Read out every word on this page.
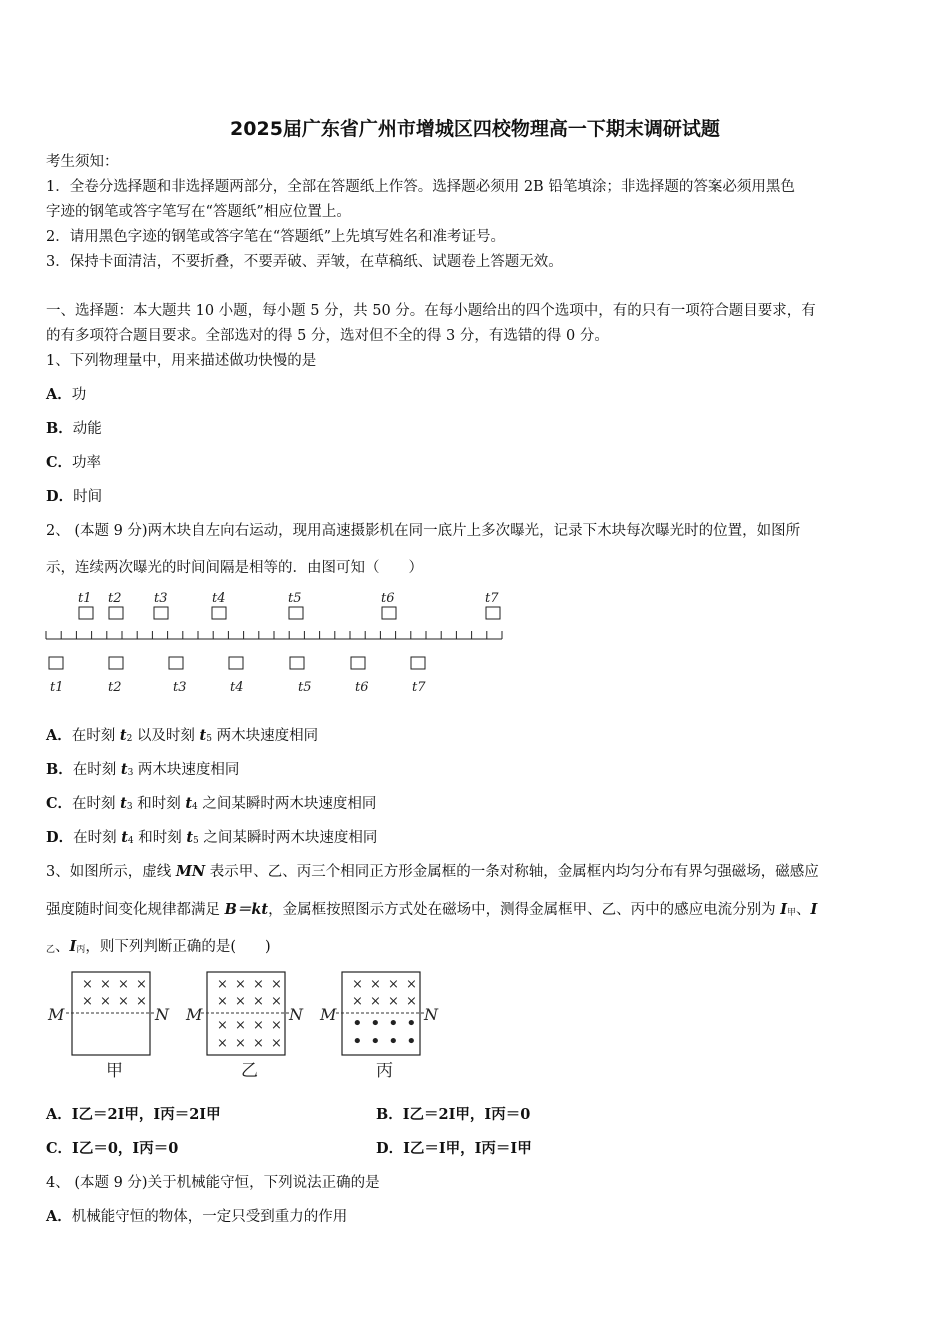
2025届广东省广州市增城区四校物理高一下期末调研试题
考生须知：
1．全卷分选择题和非选择题两部分，全部在答题纸上作答。选择题必须用 2B 铅笔填涂；非选择题的答案必须用黑色
字迹的钢笔或答字笔写在“答题纸”相应位置上。
2．请用黑色字迹的钢笔或答字笔在“答题纸”上先填写姓名和准考证号。
3．保持卡面清洁，不要折叠，不要弄破、弄皱，在草稿纸、试题卷上答题无效。
一、选择题：本大题共 10 小题，每小题 5 分，共 50 分。在每小题给出的四个选项中，有的只有一项符合题目要求，有
的有多项符合题目要求。全部选对的得 5 分，选对但不全的得 3 分，有选错的得 0 分。
1、下列物理量中，用来描述做功快慢的是
A．功
B．动能
C．功率
D．时间
2、 (本题 9 分)两木块自左向右运动，现用高速摄影机在同一底片上多次曝光，记录下木块每次曝光时的位置，如图所
示，连续两次曝光的时间间隔是相等的．由图可知（　　）
t1 t2	t3	t4	t5	t6	t7
t1	t2	t3	t4	t5	t6	t7
A．在时刻 t2 以及时刻 t5 两木块速度相同
B．在时刻 t3 两木块速度相同
C．在时刻 t3 和时刻 t4 之间某瞬时两木块速度相同
D．在时刻 t4 和时刻 t5 之间某瞬时两木块速度相同
3、如图所示，虚线 MN 表示甲、乙、丙三个相同正方形金属框的一条对称轴，金属框内均匀分布有界匀强磁场，磁感应
强度随时间变化规律都满足 B＝kt，金属框按照图示方式处在磁场中，测得金属框甲、乙、丙中的感应电流分别为 I甲、I
乙、I丙，则下列判断正确的是(　　)
× × × ×
× × × ×
× × × ×
× × × ×
× × × ×
× × × ×
× × × ×
× × × ×
• • • •
• • • •
M	N M	N M	N
甲	乙	丙
A．I乙＝2I甲，I丙＝2I甲	B．I乙＝2I甲，I丙＝0
C．I乙＝0，I丙＝0	D．I乙＝I甲，I丙＝I甲
4、 (本题 9 分)关于机械能守恒，下列说法正确的是
A．机械能守恒的物体，一定只受到重力的作用
